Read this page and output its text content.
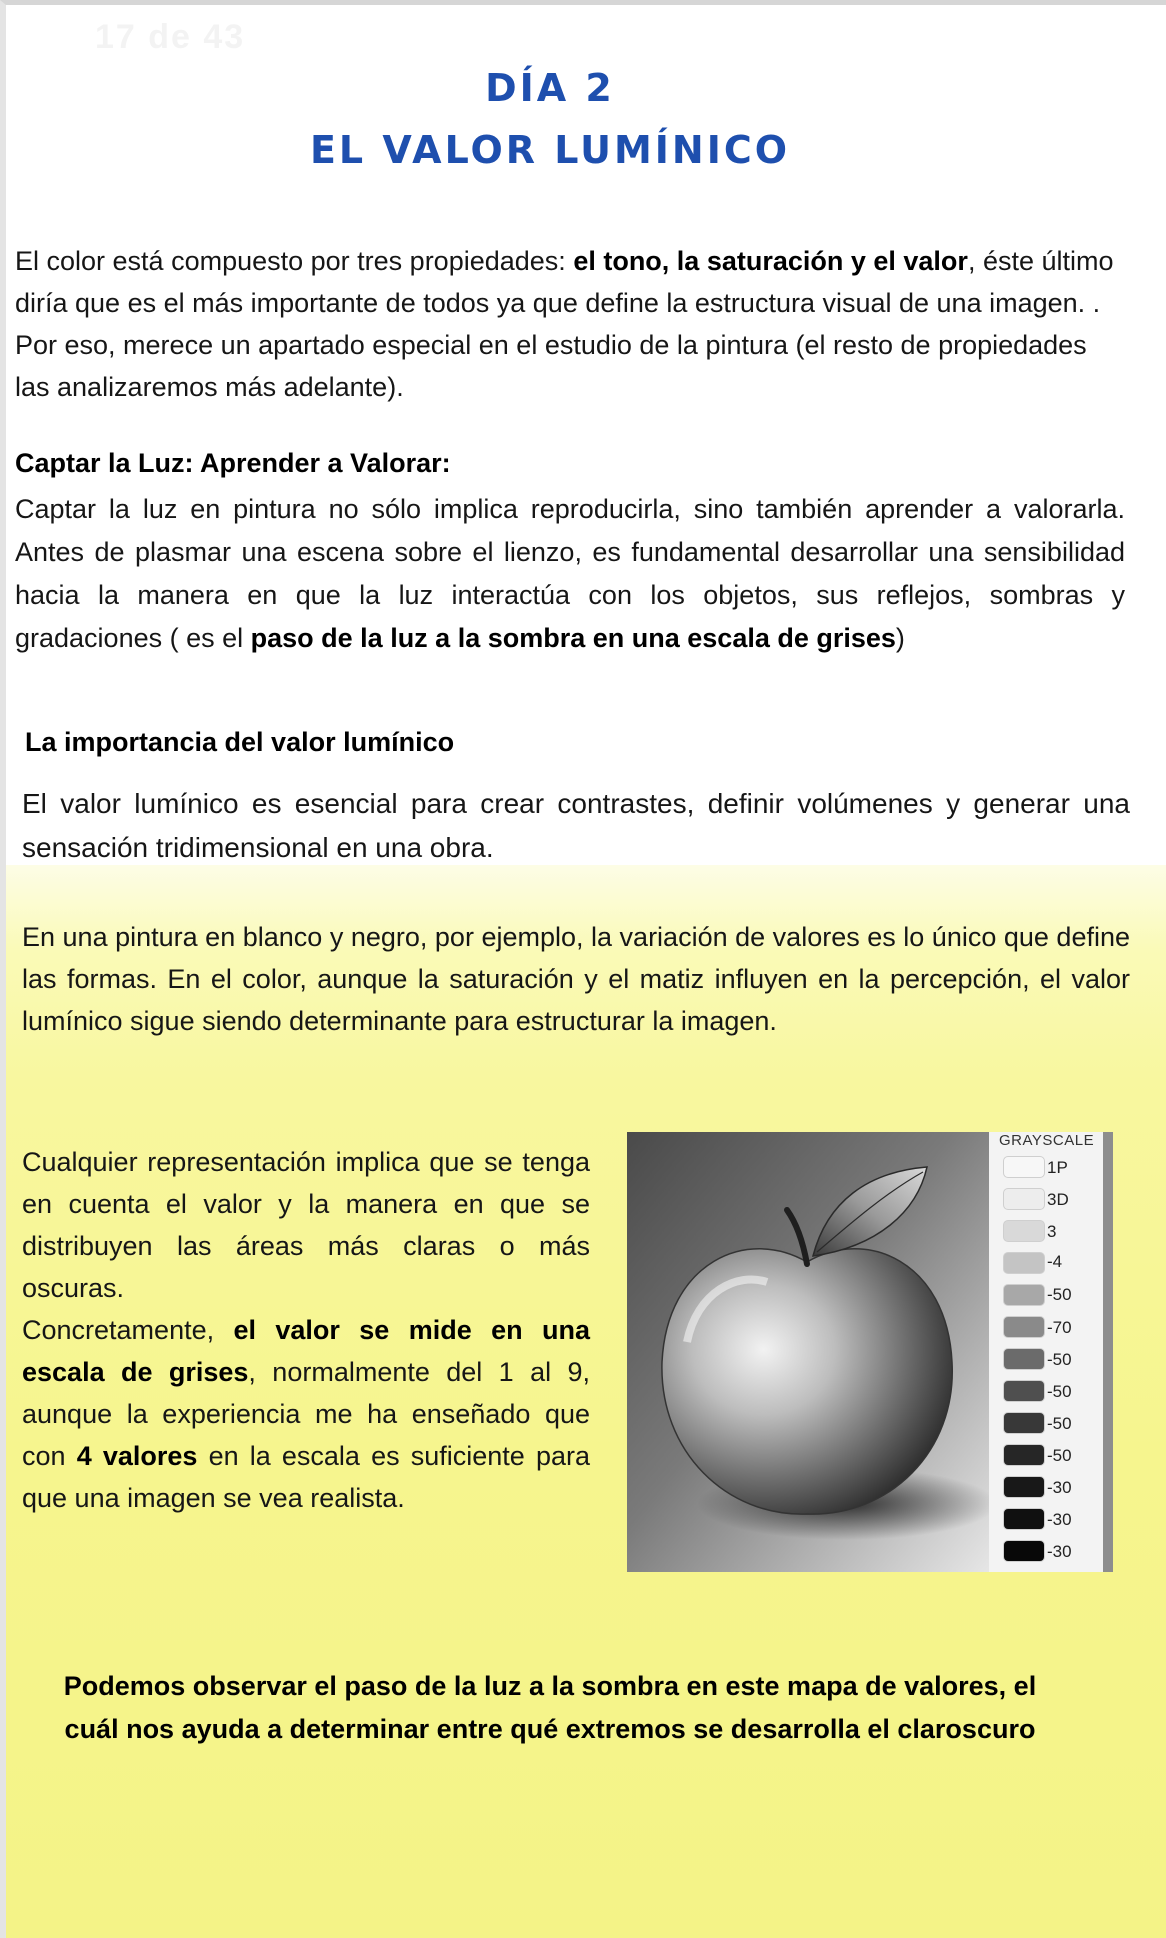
17 de 43
DÍA 2
EL VALOR LUMÍNICO
El color está compuesto por tres propiedades: el tono, la saturación y el valor, éste último diría que es el más importante de todos ya que define la estructura visual de una imagen. . Por eso, merece un apartado especial en el estudio de la pintura (el resto de propiedades las analizaremos más adelante).
Captar la Luz: Aprender a Valorar:
Captar la luz en pintura no sólo implica reproducirla, sino también aprender a valorarla. Antes de plasmar una escena sobre el lienzo, es fundamental desarrollar una sensibilidad hacia la manera en que la luz interactúa con los objetos, sus reflejos, sombras y gradaciones ( es el paso de la luz a la sombra en una escala de grises)
La importancia del valor lumínico
El valor lumínico es esencial para crear contrastes, definir volúmenes y generar una sensación tridimensional en una obra.
En una pintura en blanco y negro, por ejemplo, la variación de valores es lo único que define las formas. En el color, aunque la saturación y el matiz influyen en la percepción, el valor lumínico sigue siendo determinante para estructurar la imagen.
Cualquier representación implica que se tenga en cuenta el valor y la manera en que se distribuyen las áreas más claras o más oscuras.
Concretamente, el valor se mide en una escala de grises, normalmente del 1 al 9, aunque la experiencia me ha enseñado que con 4 valores en la escala es suficiente para que una imagen se vea realista.
GRAYSCALE
1P
3D
3
-4
-50
-70
-50
-50
-50
-50
-30
-30
-30
Podemos observar el paso de la luz a la sombra en este mapa de valores, el cuál nos ayuda a determinar entre qué extremos se desarrolla el claroscuro
